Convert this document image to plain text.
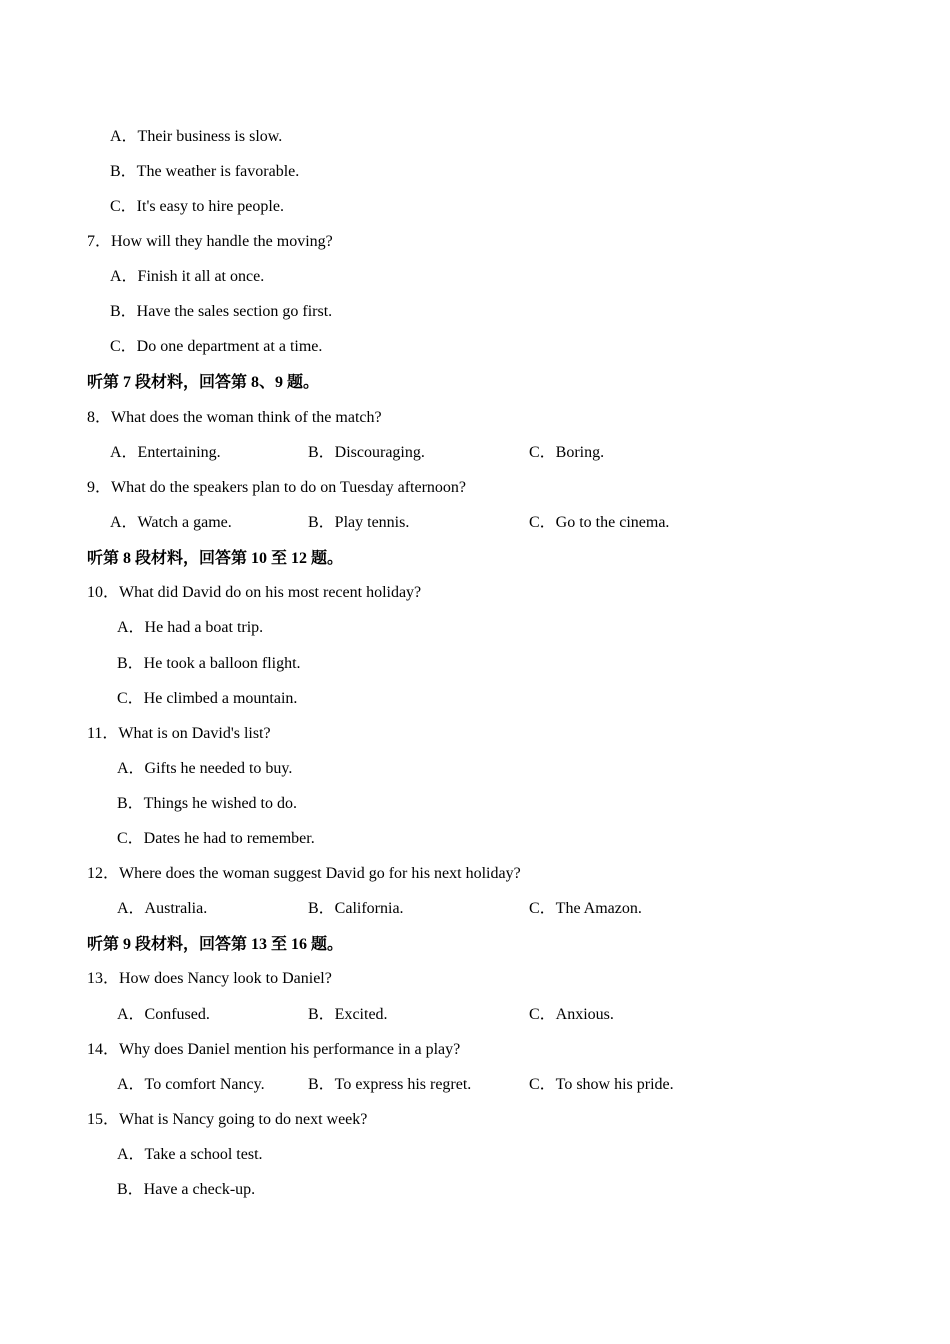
A．Their business is slow.
B．The weather is favorable.
C．It's easy to hire people.
7．How will they handle the moving?
A．Finish it all at once.
B．Have the sales section go first.
C．Do one department at a time.
听第 7 段材料，回答第 8、9 题。
8．What does the woman think of the match?
A．Entertaining.	B．Discouraging.	C．Boring.
9．What do the speakers plan to do on Tuesday afternoon?
A．Watch a game.	B．Play tennis.	C．Go to the cinema.
听第 8 段材料，回答第 10 至 12 题。
10．What did David do on his most recent holiday?
A．He had a boat trip.
B．He took a balloon flight.
C．He climbed a mountain.
11．What is on David's list?
A．Gifts he needed to buy.
B．Things he wished to do.
C．Dates he had to remember.
12．Where does the woman suggest David go for his next holiday?
A．Australia.	B．California.	C．The Amazon.
听第 9 段材料，回答第 13 至 16 题。
13．How does Nancy look to Daniel?
A．Confused.	B．Excited.	C．Anxious.
14．Why does Daniel mention his performance in a play?
A．To comfort Nancy.	B．To express his regret.	C．To show his pride.
15．What is Nancy going to do next week?
A．Take a school test.
B．Have a check-up.
